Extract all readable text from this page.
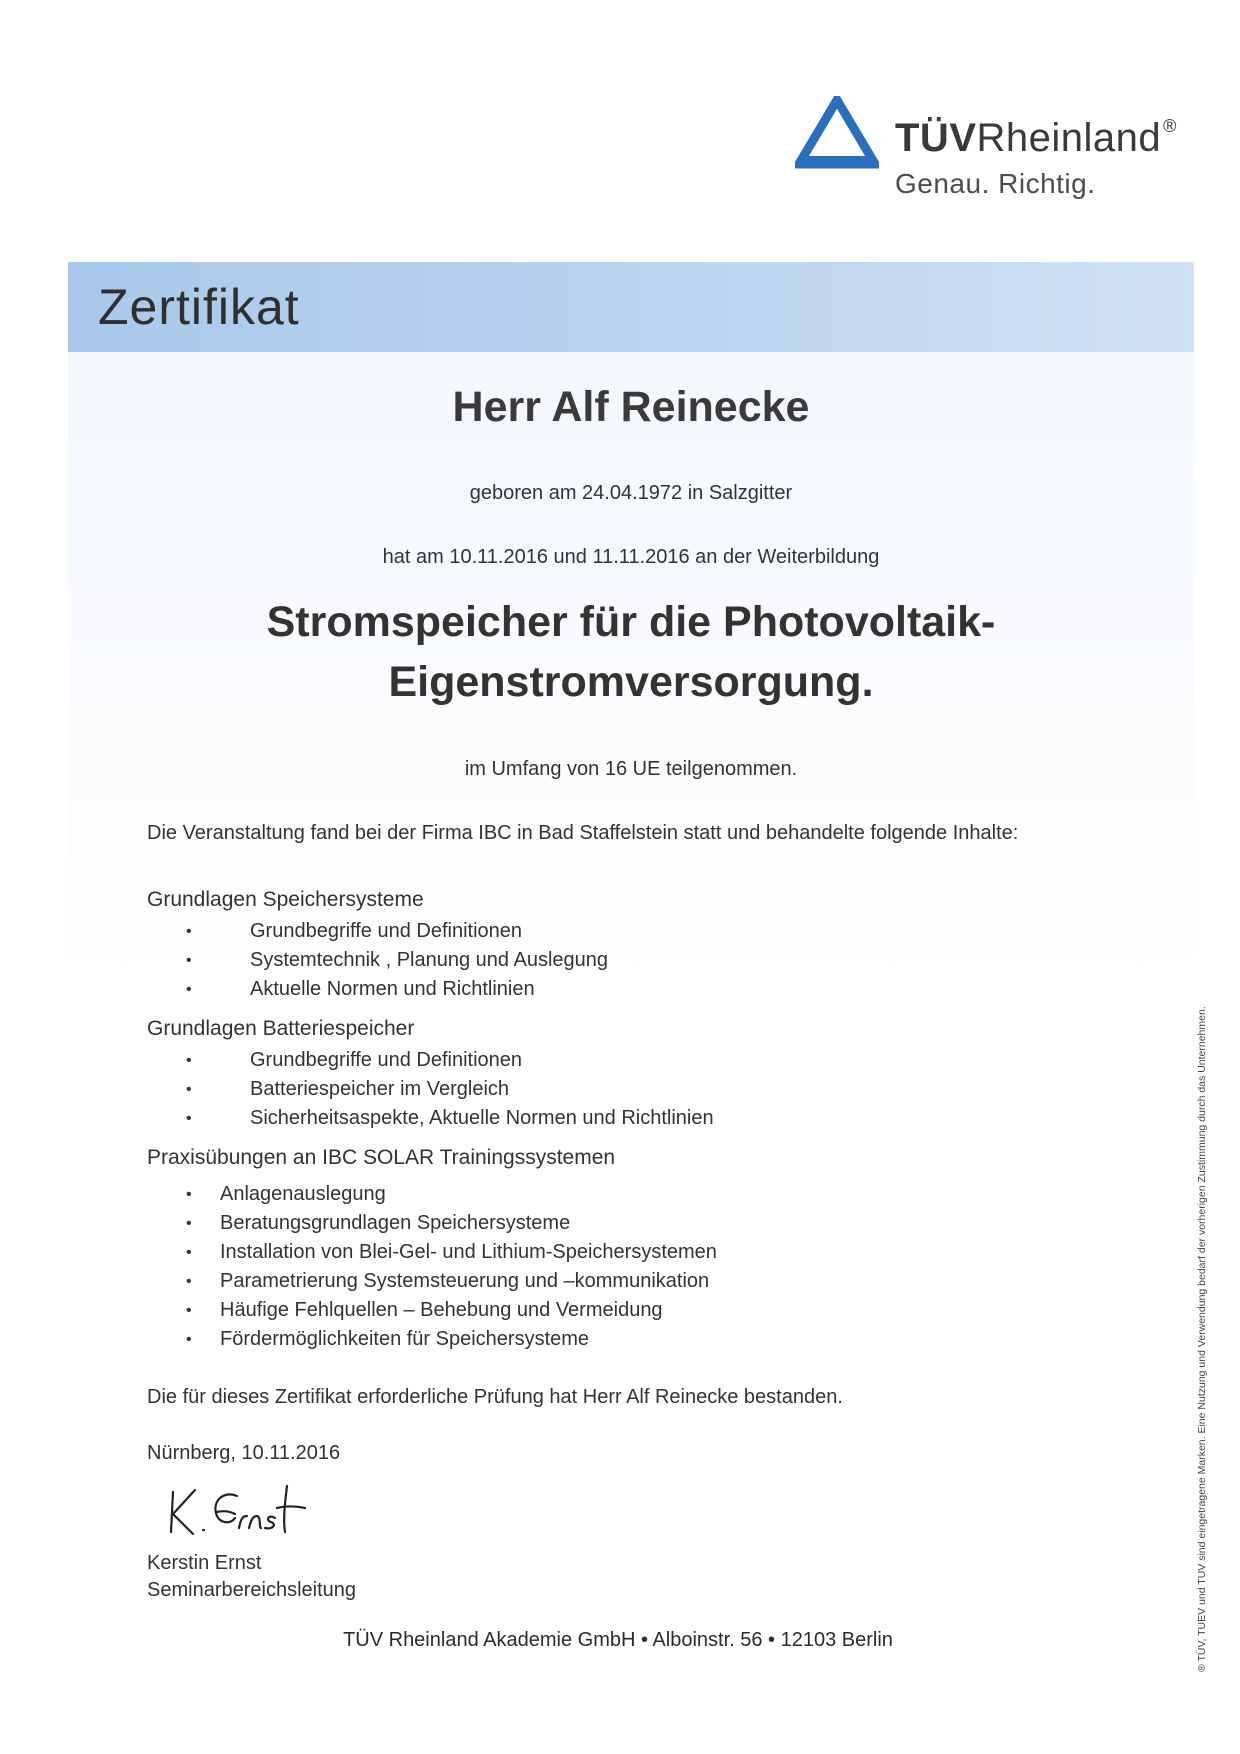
TÜVRheinland ®
Genau. Richtig.
Zertifikat
Herr Alf Reinecke
geboren am 24.04.1972 in Salzgitter
hat am 10.11.2016 und 11.11.2016 an der Weiterbildung
Stromspeicher für die Photovoltaik-
Eigenstromversorgung.
im Umfang von 16 UE teilgenommen.
Die Veranstaltung fand bei der Firma IBC in Bad Staffelstein statt und behandelte folgende Inhalte:
Grundlagen Speichersysteme
•	Grundbegriffe und Definitionen
•	Systemtechnik , Planung und Auslegung
•	Aktuelle Normen und Richtlinien
Grundlagen Batteriespeicher
•	Grundbegriffe und Definitionen
•	Batteriespeicher im Vergleich
•	Sicherheitsaspekte, Aktuelle Normen und Richtlinien
Praxisübungen an IBC SOLAR Trainingssystemen
• Anlagenauslegung
• Beratungsgrundlagen Speichersysteme
• Installation von Blei-Gel- und Lithium-Speichersystemen
• Parametrierung Systemsteuerung und –kommunikation
• Häufige Fehlquellen – Behebung und Vermeidung
• Fördermöglichkeiten für Speichersysteme
Die für dieses Zertifikat erforderliche Prüfung hat Herr Alf Reinecke bestanden.
Nürnberg, 10.11.2016
Kerstin Ernst
Seminarbereichsleitung
TÜV Rheinland Akademie GmbH • Alboinstr. 56 • 12103 Berlin	® TÜV, TUEV und TUV sind eingetragene Marken. Eine Nutzung und Verwendung bedarf der vorherigen Zustimmung durch das Unternehmen.
